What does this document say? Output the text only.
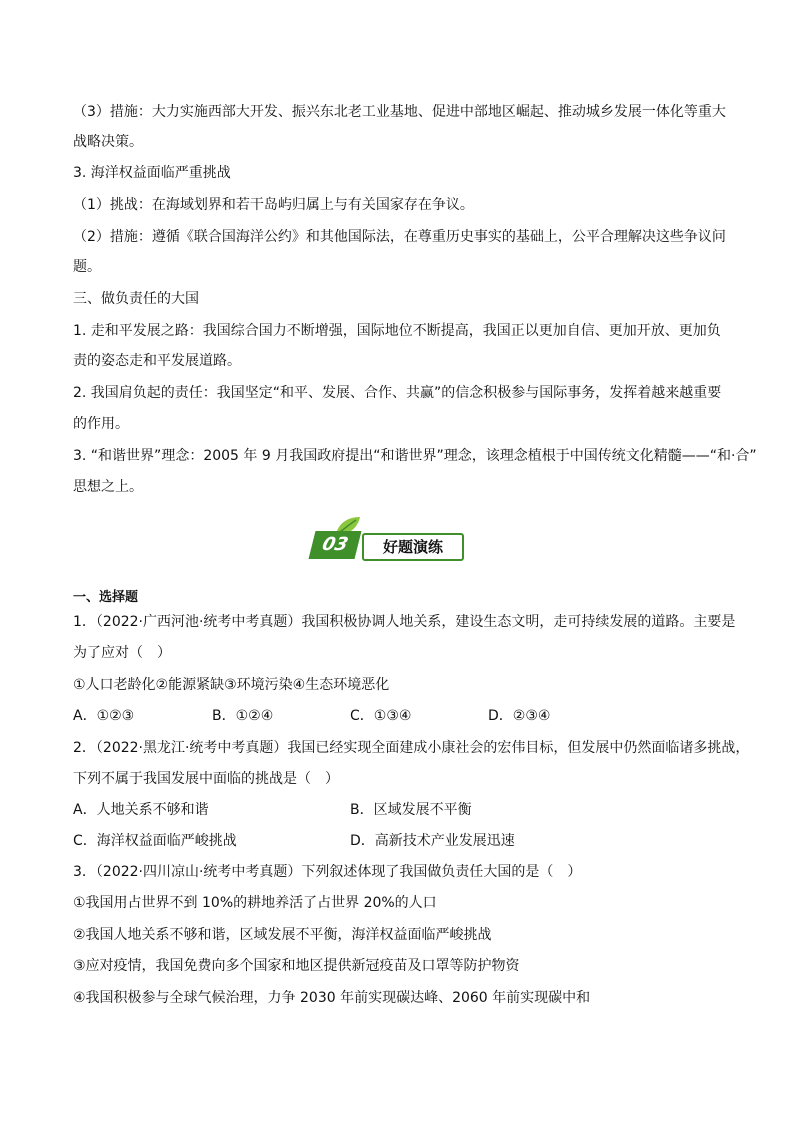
（3）措施：大力实施西部大开发、振兴东北老工业基地、促进中部地区崛起、推动城乡发展一体化等重大

战略决策。

3. 海洋权益面临严重挑战

（1）挑战：在海域划界和若干岛屿归属上与有关国家存在争议。

（2）措施：遵循《联合国海洋公约》和其他国际法，在尊重历史事实的基础上，公平合理解决这些争议问

题。

三、做负责任的大国

1. 走和平发展之路：我国综合国力不断增强，国际地位不断提高，我国正以更加自信、更加开放、更加负

责的姿态走和平发展道路。

2. 我国肩负起的责任：我国坚定“和平、发展、合作、共赢”的信念积极参与国际事务，发挥着越来越重要

的作用。

3. “和谐世界”理念：2005 年 9 月我国政府提出“和谐世界”理念，该理念植根于中国传统文化精髓——“和·合”

思想之上。

03	好题演练

一、选择题

1．（2022·广西河池·统考中考真题）我国积极协调人地关系，建设生态文明，走可持续发展的道路。主要是

为了应对（　）

①人口老龄化②能源紧缺③环境污染④生态环境恶化

A．①②③	B．①②④	C．①③④	D．②③④

2．（2022·黑龙江·统考中考真题）我国已经实现全面建成小康社会的宏伟目标，但发展中仍然面临诸多挑战，

下列不属于我国发展中面临的挑战是（　）

A．人地关系不够和谐	B．区域发展不平衡

C．海洋权益面临严峻挑战	D．高新技术产业发展迅速

3．（2022·四川凉山·统考中考真题）下列叙述体现了我国做负责任大国的是（　）

①我国用占世界不到 10%的耕地养活了占世界 20%的人口

②我国人地关系不够和谐，区域发展不平衡，海洋权益面临严峻挑战

③应对疫情，我国免费向多个国家和地区提供新冠疫苗及口罩等防护物资

④我国积极参与全球气候治理，力争 2030 年前实现碳达峰、2060 年前实现碳中和
